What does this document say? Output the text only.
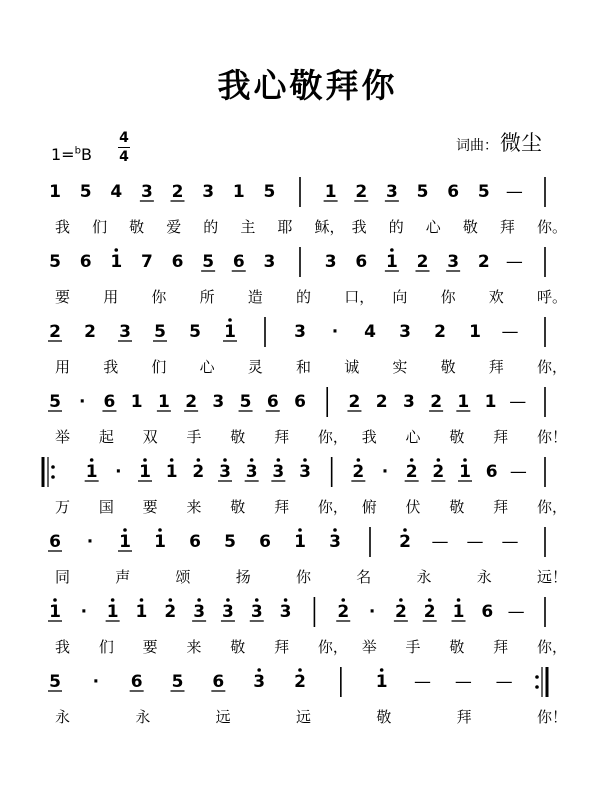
我心敬拜你
1=$^b$B
4
4
词曲：微尘
1 5 4 3 2 3 1 5	1 2 3 5 6 5 —
我 们 敬 爱 的 主 耶 稣， 我 的 心 敬 拜 你。
5 6 1 7 6 5 6 3	3 6 1 2 3 2 —
要 用 你 所 造 的 口， 向 你 欢 呼。
2 2 3 5 5 1	3 · 4 3 2 1 —
用 我 们 心 灵 和 诚 实 敬 拜 你，
5 · 6 1 1 2 3 5 6 6	2 2 3 2 1 1 —
举 起 双 手 敬 拜 你， 我 心 敬 拜 你！
1 · 1 1 2 3 3 3 3 2 · 2 2 1 6 —
万 国 要 来 敬 拜 你， 俯 伏 敬 拜 你，
6 · 1 1 6 5 6 1 3	2 — — —
同	声	颂	扬	你	名	永	永	远！
1 · 1 1 2 3 3 3 3	2 · 2 2 1 6 —
我 们 要 来 敬 拜 你， 举 手 敬 拜 你，
5 · 6 5 6 3 2	1 — — —
永	永	远	远	敬	拜	你！
